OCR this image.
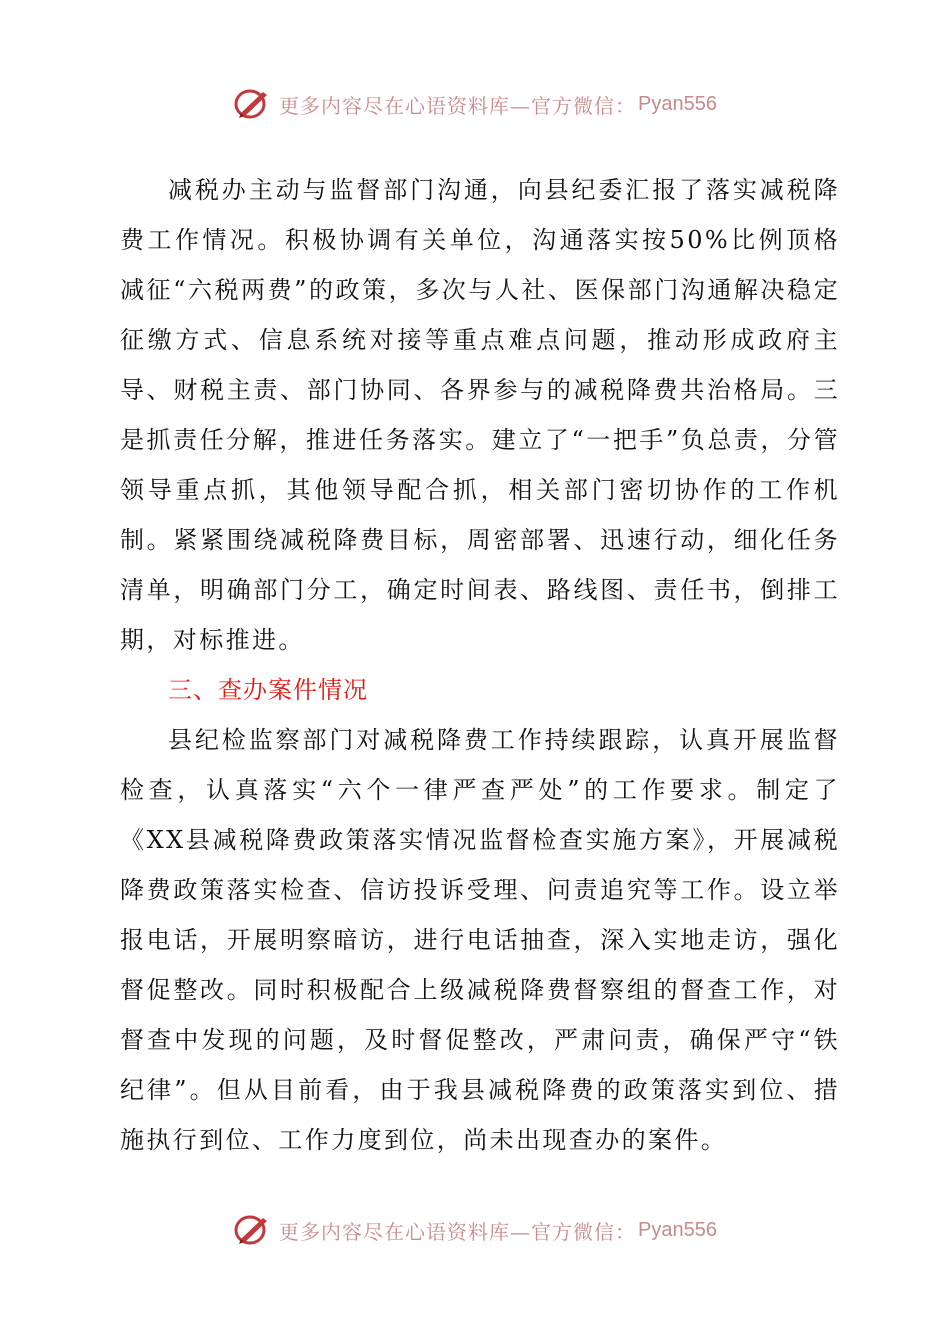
更多内容尽在心语资料库—官方微信： Pyan556

减税办主动与监督部门沟通，向县纪委汇报了落实减税降费工作情况。积极协调有关单位，沟通落实按50%比例顶格减征“六税两费”的政策，多次与人社、医保部门沟通解决稳定征缴方式、信息系统对接等重点难点问题，推动形成政府主导、财税主责、部门协同、各界参与的减税降费共治格局。三是抓责任分解，推进任务落实。建立了“一把手”负总责，分管领导重点抓，其他领导配合抓，相关部门密切协作的工作机制。紧紧围绕减税降费目标，周密部署、迅速行动，细化任务清单，明确部门分工，确定时间表、路线图、责任书，倒排工期，对标推进。

三、查办案件情况

县纪检监察部门对减税降费工作持续跟踪，认真开展监督检查，认真落实“六个一律严查严处”的工作要求。制定了《XX县减税降费政策落实情况监督检查实施方案》，开展减税降费政策落实检查、信访投诉受理、问责追究等工作。设立举报电话，开展明察暗访，进行电话抽查，深入实地走访，强化督促整改。同时积极配合上级减税降费督察组的督查工作，对督查中发现的问题，及时督促整改，严肃问责，确保严守“铁纪律”。但从目前看，由于我县减税降费的政策落实到位、措施执行到位、工作力度到位，尚未出现查办的案件。

更多内容尽在心语资料库—官方微信： Pyan556
